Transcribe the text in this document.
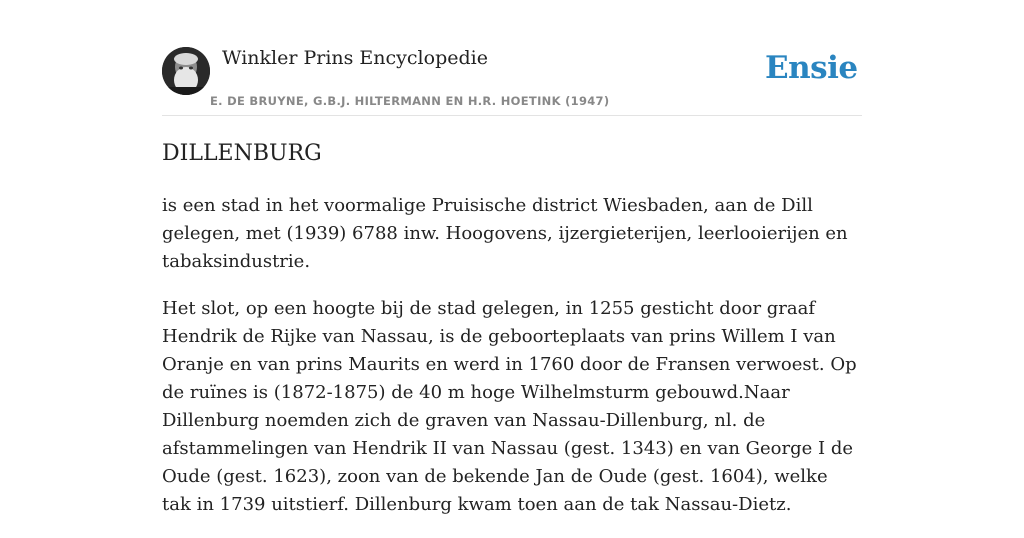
Winkler Prins Encyclopedie	Ensie
E. DE BRUYNE, G.B.J. HILTERMANN EN H.R. HOETINK (1947)
DILLENBURG

is een stad in het voormalige Pruisische district Wiesbaden, aan de Dill gelegen, met (1939) 6788 inw. Hoogovens, ijzergieterijen, leerlooierijen en tabaksindustrie.

Het slot, op een hoogte bij de stad gelegen, in 1255 gesticht door graaf Hendrik de Rijke van Nassau, is de geboorteplaats van prins Willem I van Oranje en van prins Maurits en werd in 1760 door de Fransen verwoest. Op de ruïnes is (1872-1875) de 40 m hoge Wilhelmsturm gebouwd.Naar Dillenburg noemden zich de graven van Nassau-Dillenburg, nl. de afstammelingen van Hendrik II van Nassau (gest. 1343) en van George I de Oude (gest. 1623), zoon van de bekende Jan de Oude (gest. 1604), welke tak in 1739 uitstierf. Dillenburg kwam toen aan de tak Nassau-Dietz.
